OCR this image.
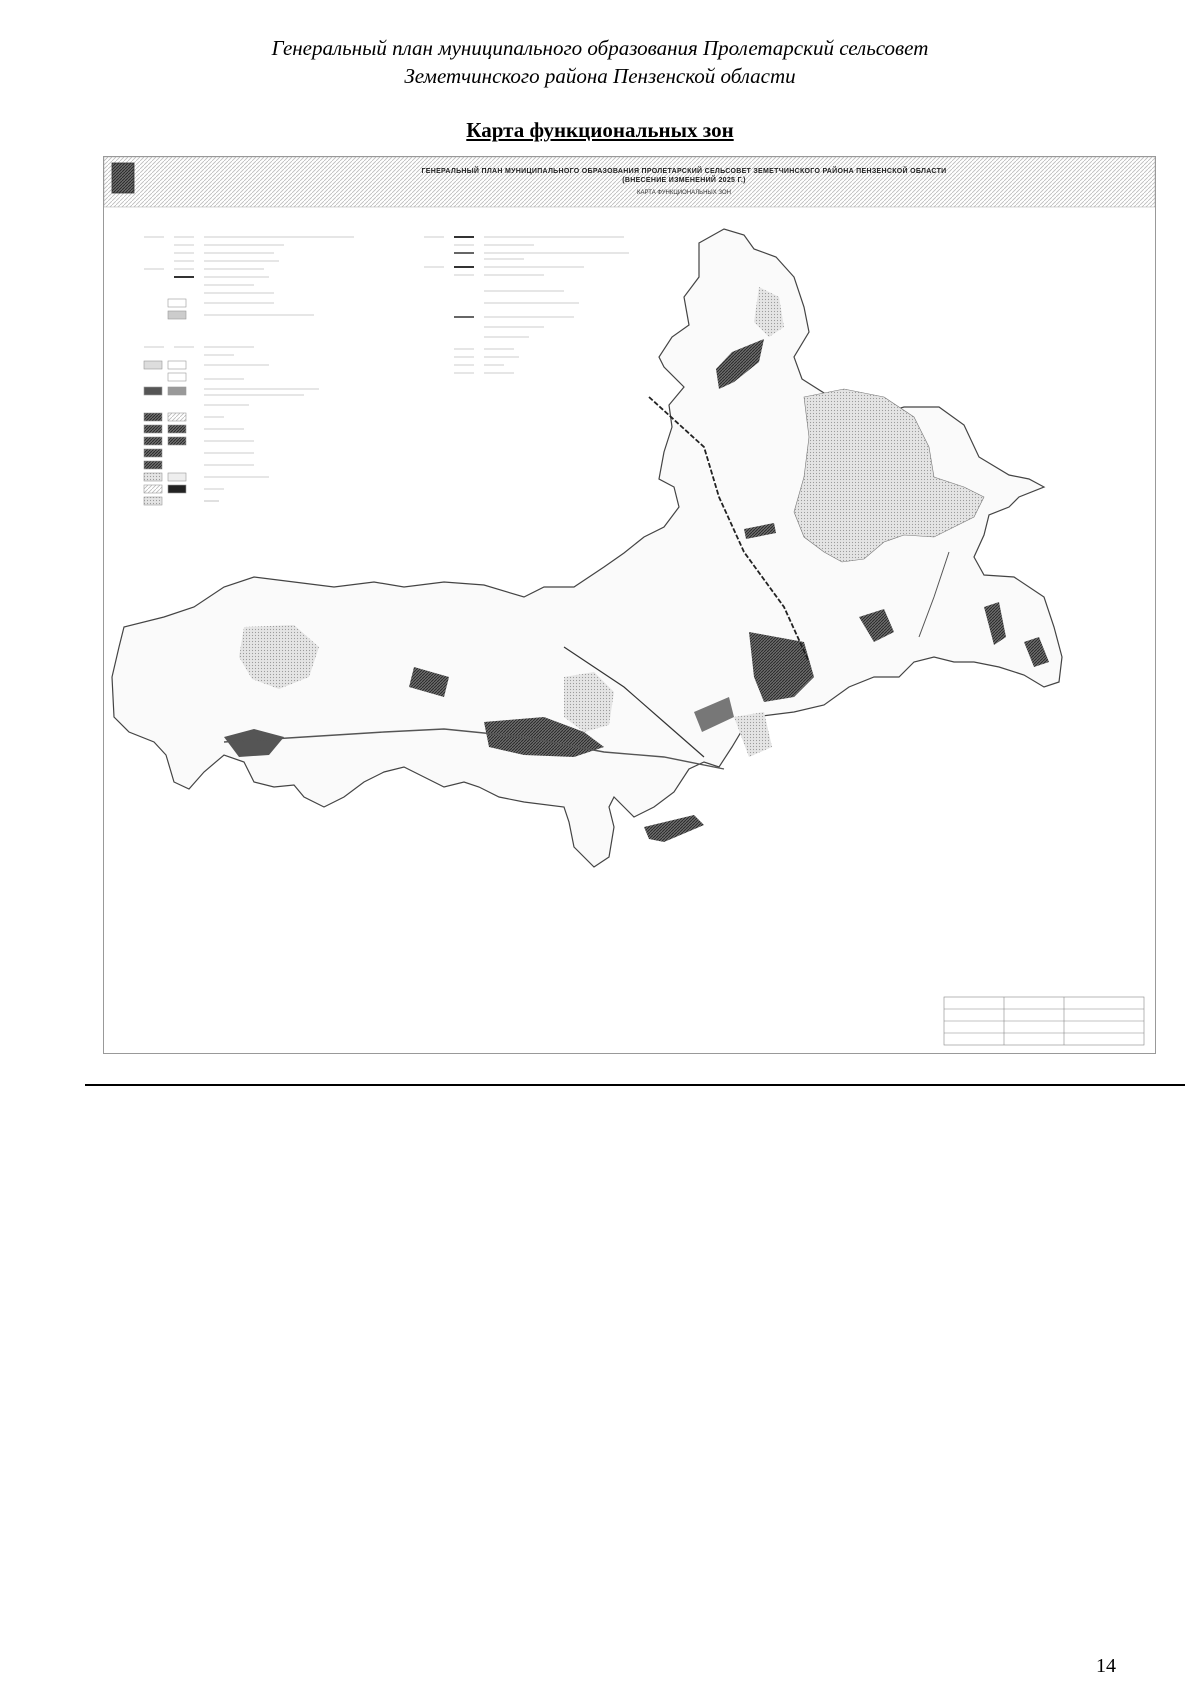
Генеральный план муниципального образования Пролетарский сельсовет
Земетчинского района Пензенской области
Карта функциональных зон
ГЕНЕРАЛЬНЫЙ ПЛАН МУНИЦИПАЛЬНОГО ОБРАЗОВАНИЯ ПРОЛЕТАРСКИЙ СЕЛЬСОВЕТ ЗЕМЕТЧИНСКОГО РАЙОНА ПЕНЗЕНСКОЙ ОБЛАСТИ
(ВНЕСЕНИЕ ИЗМЕНЕНИЙ 2025 Г.)
КАРТА ФУНКЦИОНАЛЬНЫХ ЗОН
14
